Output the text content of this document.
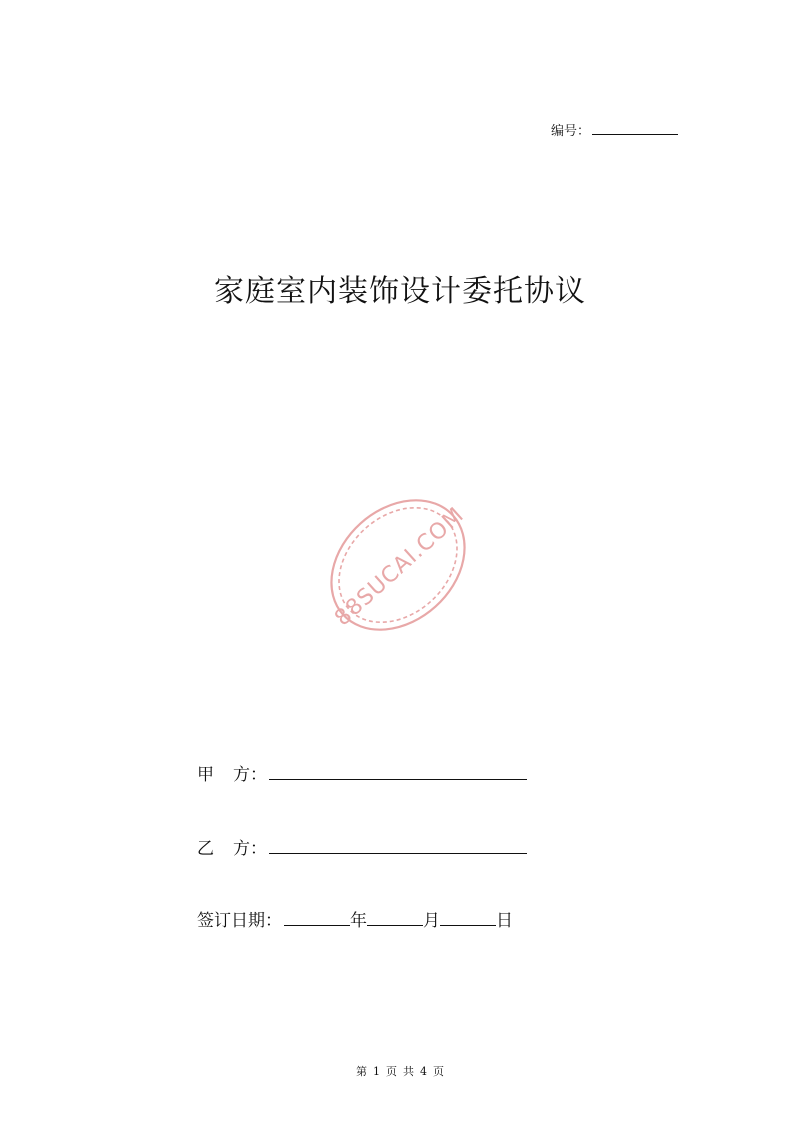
编号：
家庭室内装饰设计委托协议
88SUCAI.COM
甲 方：
乙 方：
签订日期：	年	月	日
第 1 页 共 4 页
